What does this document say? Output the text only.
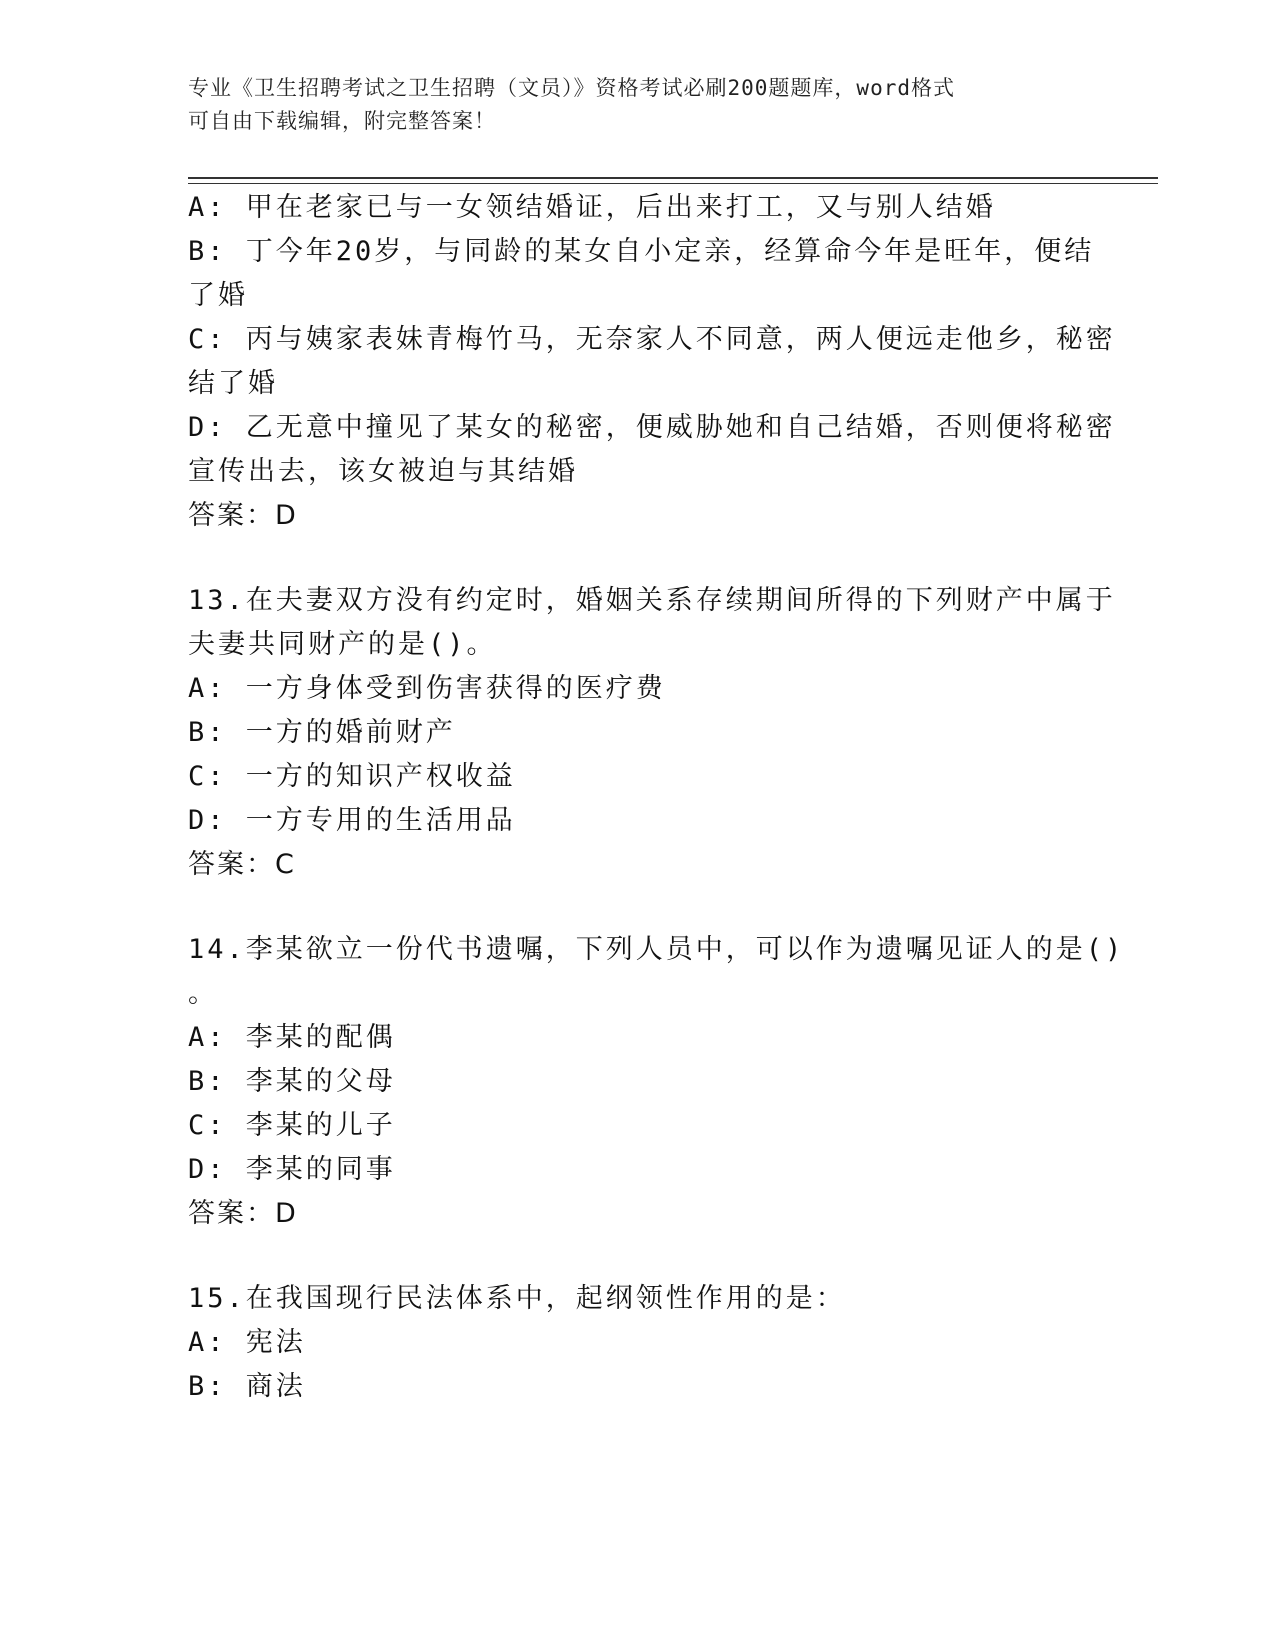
专业《卫生招聘考试之卫生招聘（文员）》资格考试必刷200题题库，word格式
可自由下载编辑，附完整答案！
A: 甲在老家已与一女领结婚证，后出来打工，又与别人结婚
B: 丁今年20岁，与同龄的某女自小定亲，经算命今年是旺年，便结
了婚
C: 丙与姨家表妹青梅竹马，无奈家人不同意，两人便远走他乡，秘密
结了婚
D: 乙无意中撞见了某女的秘密，便威胁她和自己结婚，否则便将秘密
宣传出去，该女被迫与其结婚
答案：D
13.在夫妻双方没有约定时，婚姻关系存续期间所得的下列财产中属于
夫妻共同财产的是()。
A: 一方身体受到伤害获得的医疗费
B: 一方的婚前财产
C: 一方的知识产权收益
D: 一方专用的生活用品
答案：C
14.李某欲立一份代书遗嘱，下列人员中，可以作为遗嘱见证人的是()
。
A: 李某的配偶
B: 李某的父母
C: 李某的儿子
D: 李某的同事
答案：D
15.在我国现行民法体系中，起纲领性作用的是：
A: 宪法
B: 商法
